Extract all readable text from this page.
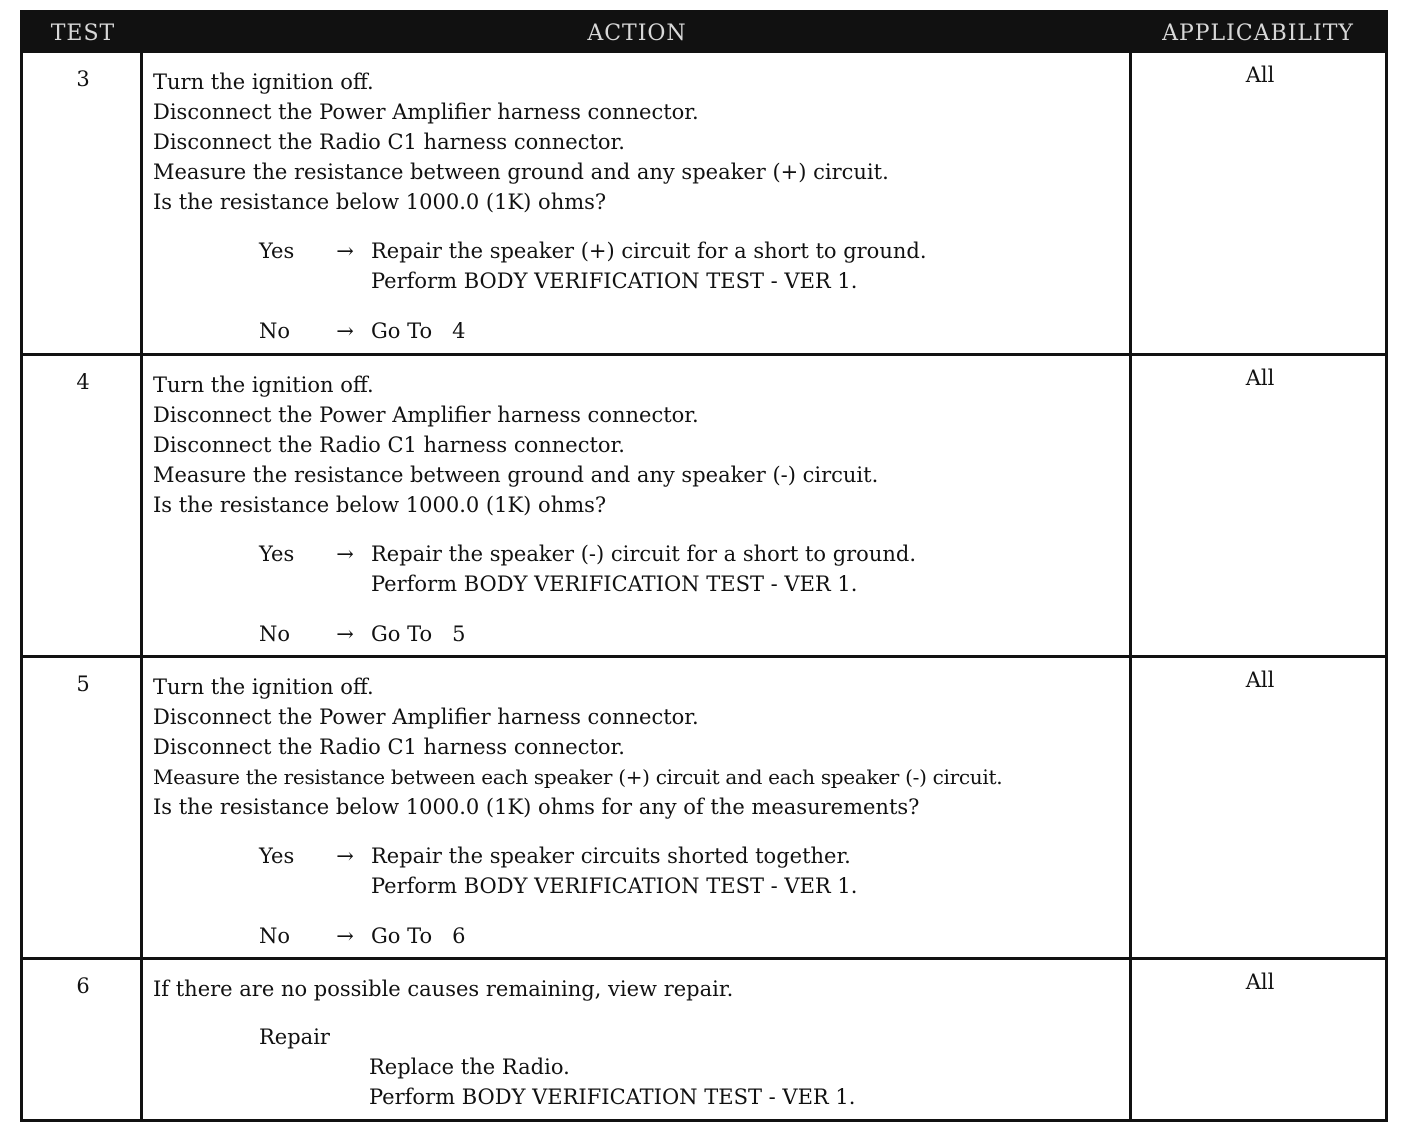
TEST	ACTION	APPLICABILITY
3	Turn the ignition off.
Disconnect the Power Amplifier harness connector.
Disconnect the Radio C1 harness connector.
Measure the resistance between ground and any speaker (+) circuit.
Is the resistance below 1000.0 (1K) ohms?
Yes → Repair the speaker (+) circuit for a short to ground.
Perform BODY VERIFICATION TEST - VER 1.
No → Go To 4
All
4	Turn the ignition off.
Disconnect the Power Amplifier harness connector.
Disconnect the Radio C1 harness connector.
Measure the resistance between ground and any speaker (-) circuit.
Is the resistance below 1000.0 (1K) ohms?
Yes → Repair the speaker (-) circuit for a short to ground.
Perform BODY VERIFICATION TEST - VER 1.
No → Go To 5
All
5	Turn the ignition off.
Disconnect the Power Amplifier harness connector.
Disconnect the Radio C1 harness connector.
Measure the resistance between each speaker (+) circuit and each speaker (-) circuit.
Is the resistance below 1000.0 (1K) ohms for any of the measurements?
Yes → Repair the speaker circuits shorted together.
Perform BODY VERIFICATION TEST - VER 1.
No → Go To 6
All
6	If there are no possible causes remaining, view repair.
Repair
Replace the Radio.
Perform BODY VERIFICATION TEST - VER 1.
All
